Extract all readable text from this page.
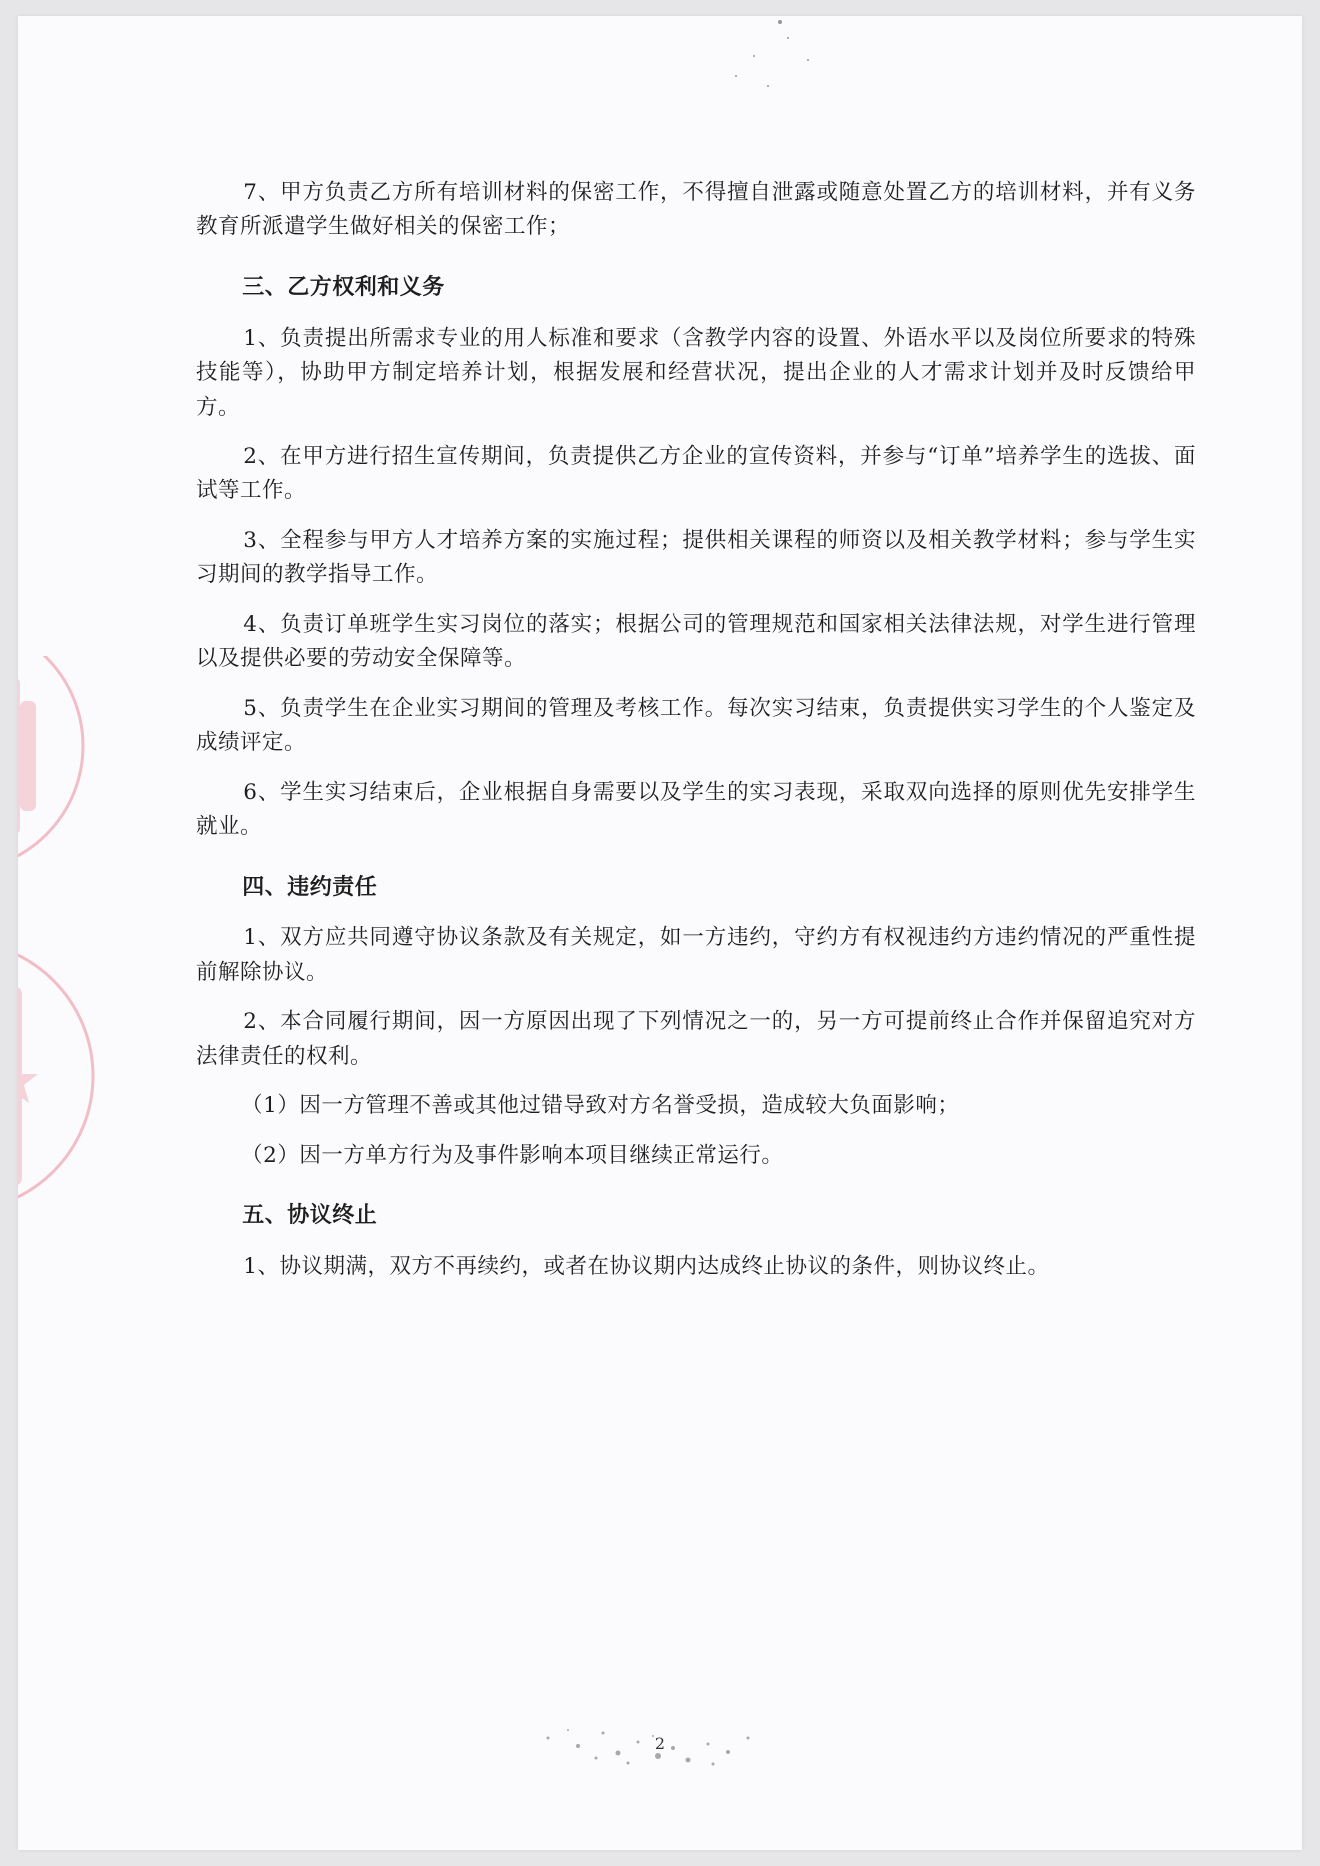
7、甲方负责乙方所有培训材料的保密工作，不得擅自泄露或随意处置乙方的培训材料，并有义务教育所派遣学生做好相关的保密工作；

三、乙方权利和义务

1、负责提出所需求专业的用人标准和要求（含教学内容的设置、外语水平以及岗位所要求的特殊技能等），协助甲方制定培养计划，根据发展和经营状况，提出企业的人才需求计划并及时反馈给甲方。

2、在甲方进行招生宣传期间，负责提供乙方企业的宣传资料，并参与“订单”培养学生的选拔、面试等工作。

3、全程参与甲方人才培养方案的实施过程；提供相关课程的师资以及相关教学材料；参与学生实习期间的教学指导工作。

4、负责订单班学生实习岗位的落实；根据公司的管理规范和国家相关法律法规，对学生进行管理以及提供必要的劳动安全保障等。

5、负责学生在企业实习期间的管理及考核工作。每次实习结束，负责提供实习学生的个人鉴定及成绩评定。

6、学生实习结束后，企业根据自身需要以及学生的实习表现，采取双向选择的原则优先安排学生就业。

四、违约责任

1、双方应共同遵守协议条款及有关规定，如一方违约，守约方有权视违约方违约情况的严重性提前解除协议。

2、本合同履行期间，因一方原因出现了下列情况之一的，另一方可提前终止合作并保留追究对方法律责任的权利。

（1）因一方管理不善或其他过错导致对方名誉受损，造成较大负面影响；

（2）因一方单方行为及事件影响本项目继续正常运行。

五、协议终止

1、协议期满，双方不再续约，或者在协议期内达成终止协议的条件，则协议终止。

2
